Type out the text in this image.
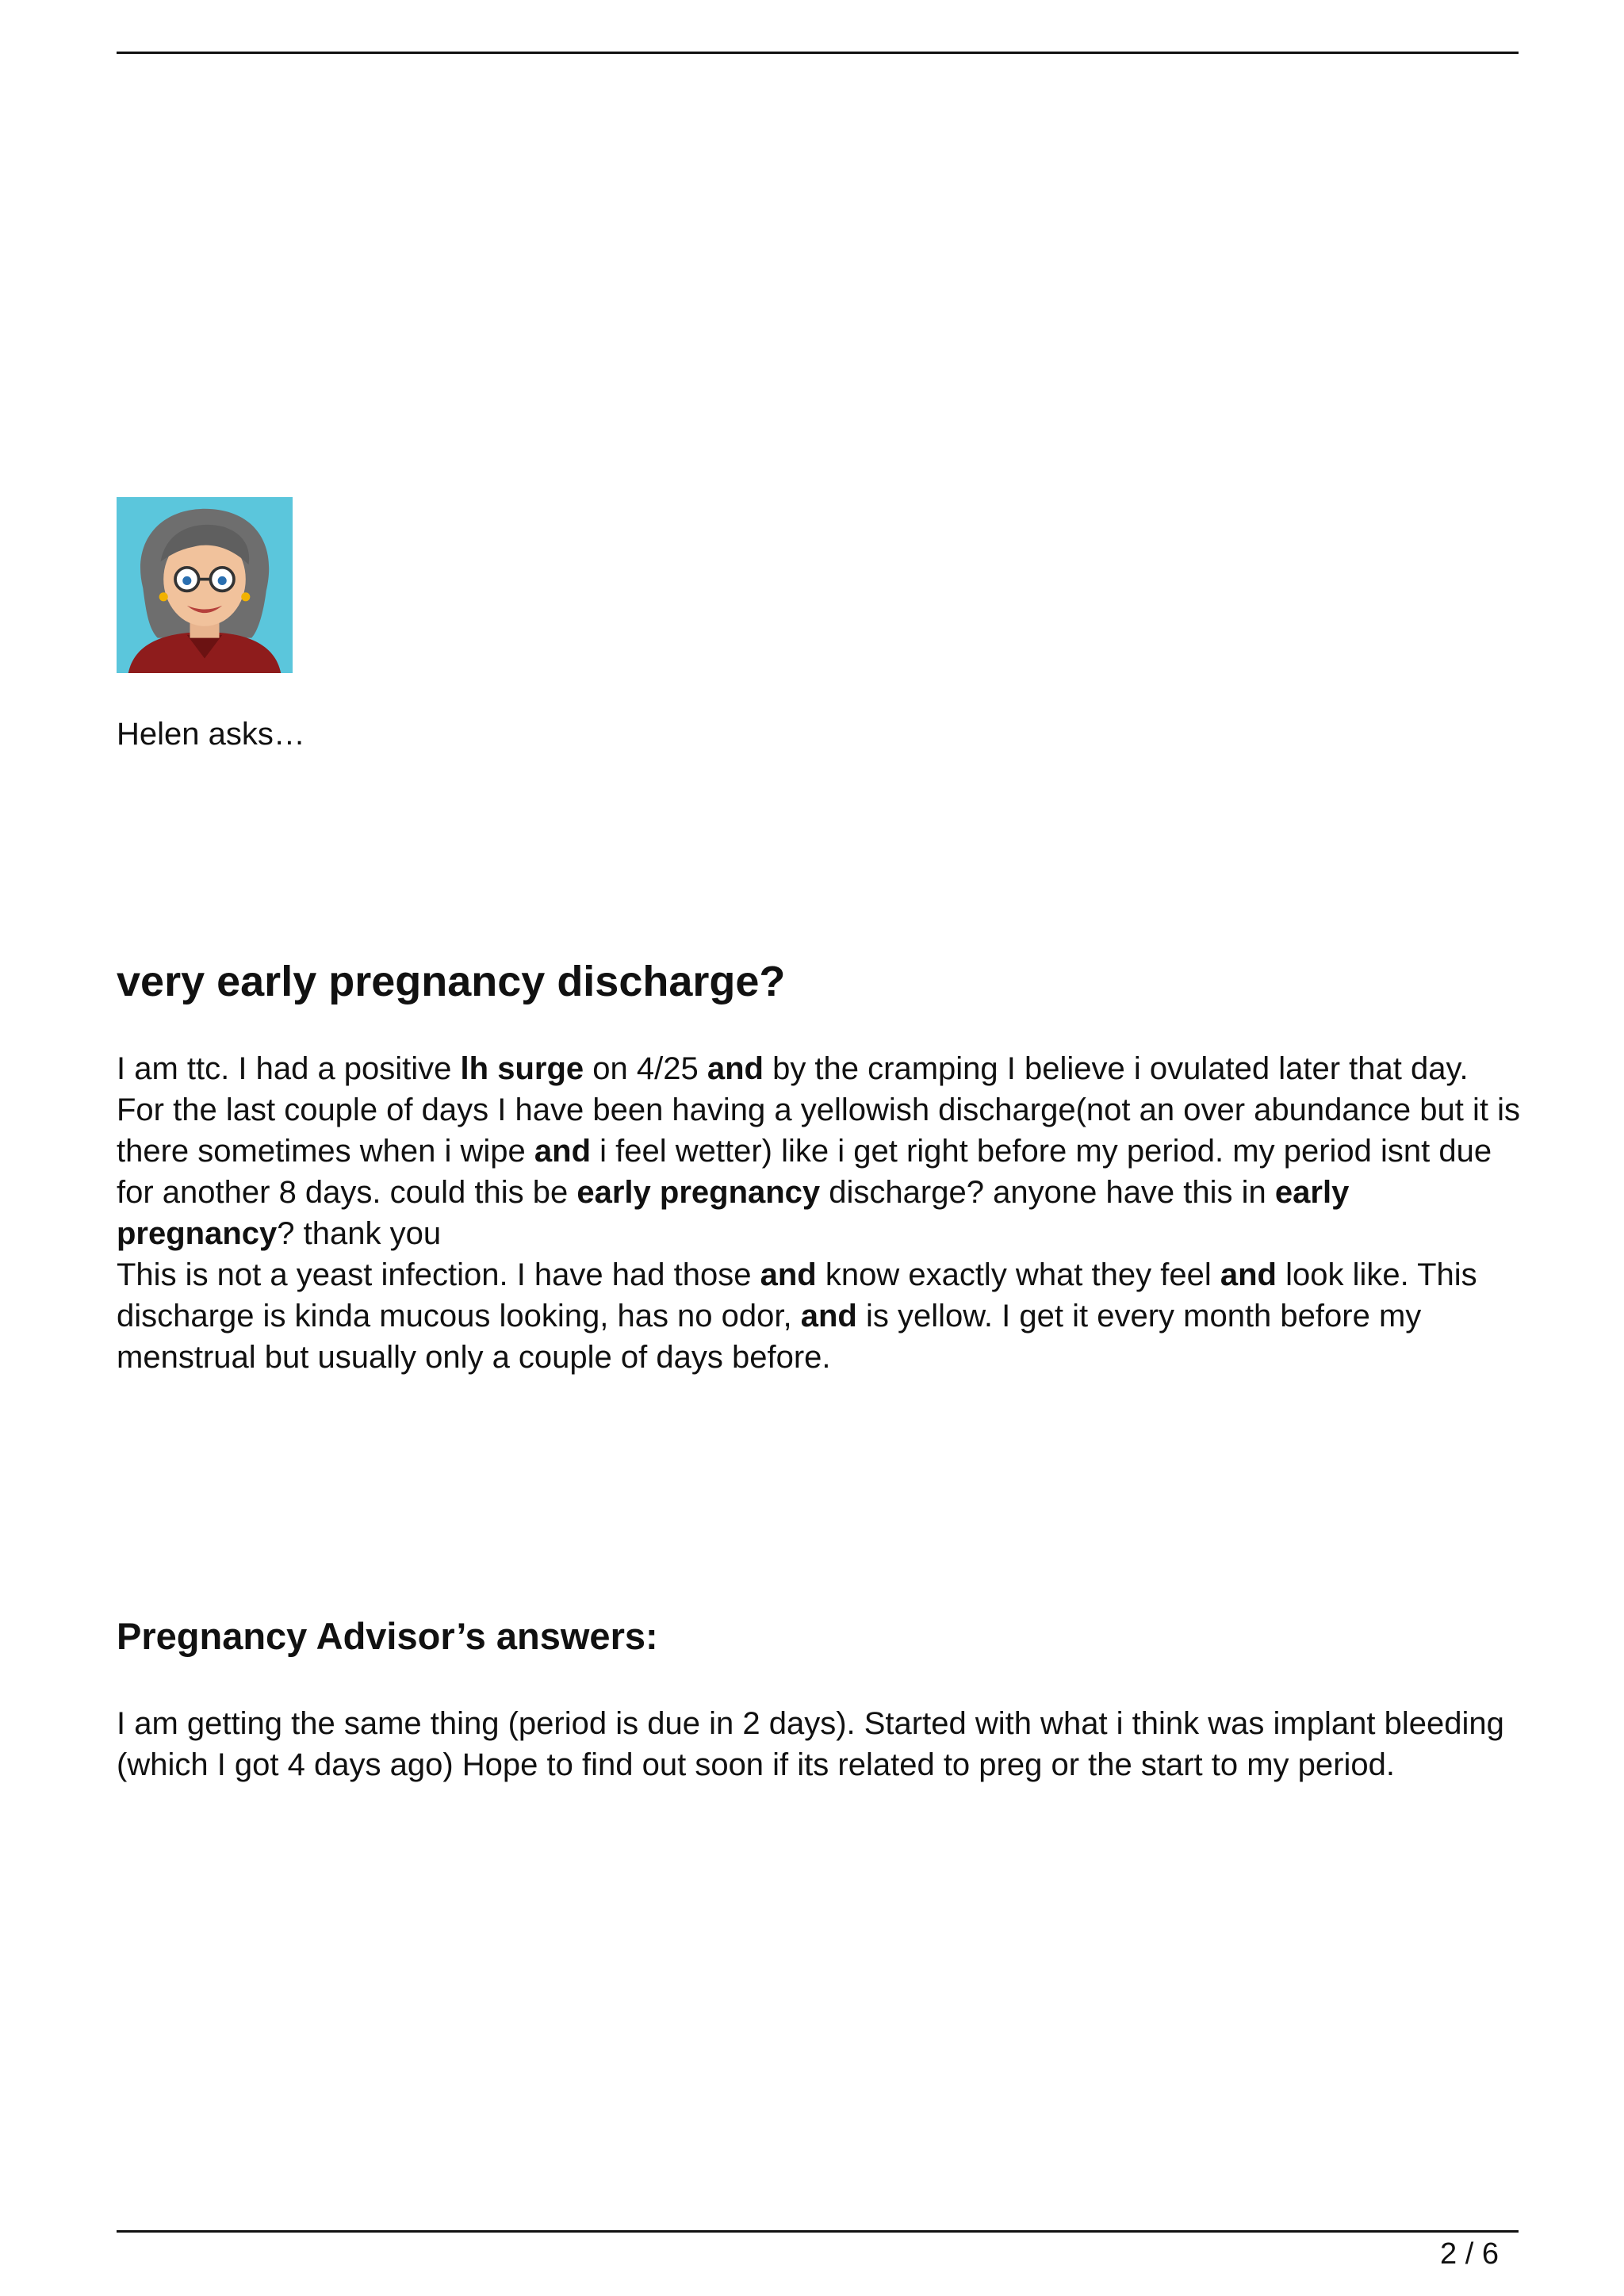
Helen asks…
very early pregnancy discharge?
I am ttc. I had a positive lh surge on 4/25 and by the cramping I believe i ovulated later that day. For the last couple of days I have been having a yellowish discharge(not an over abundance but it is there sometimes when i wipe and i feel wetter) like i get right before my period. my period isnt due for another 8 days. could this be early pregnancy discharge? anyone have this in early pregnancy? thank you
This is not a yeast infection. I have had those and know exactly what they feel and look like. This discharge is kinda mucous looking, has no odor, and is yellow. I get it every month before my menstrual but usually only a couple of days before.
Pregnancy Advisor’s answers:
I am getting the same thing (period is due in 2 days). Started with what i think was implant bleeding (which I got 4 days ago) Hope to find out soon if its related to preg or the start to my period.
2 / 6
